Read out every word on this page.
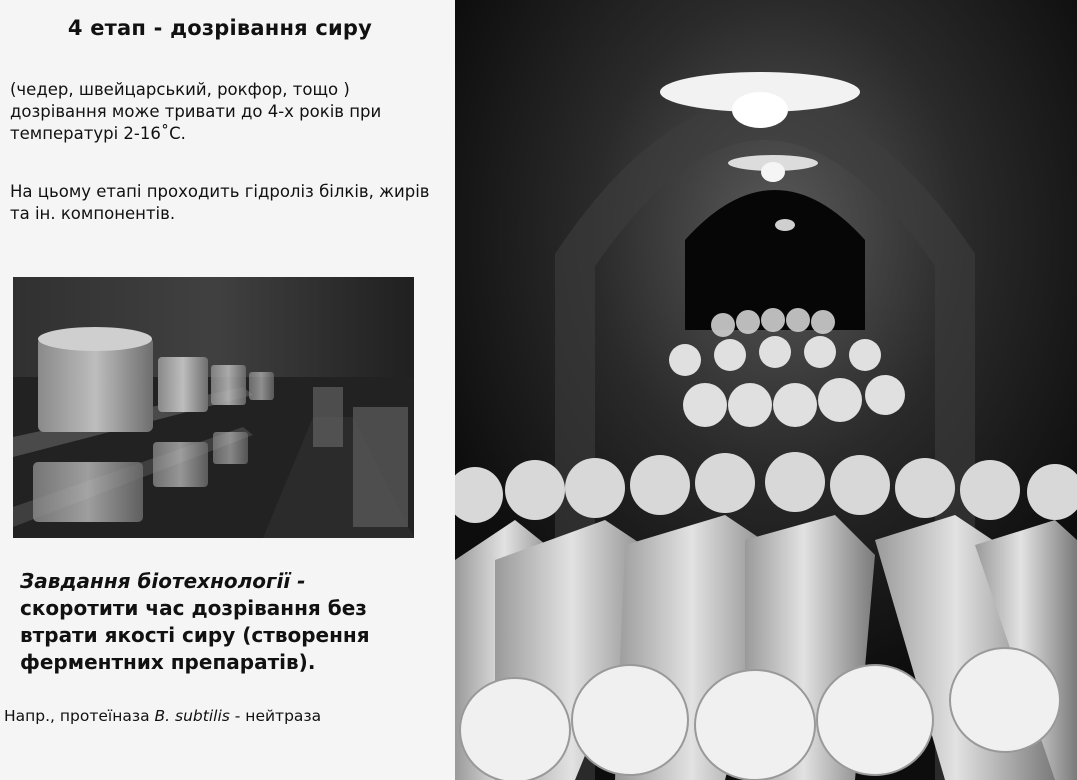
4 етап - дозрівання сиру
(чедер, швейцарський, рокфор, тощо ) дозрівання може тривати до 4-х років при температурі 2-16˚С.
На цьому етапі проходить гідроліз білків, жирів та ін. компонентів.
Завдання біотехнології -
скоротити час дозрівання без втрати якості сиру (створення ферментних препаратів).
Напр., протеїназа B. subtilis - нейтраза
